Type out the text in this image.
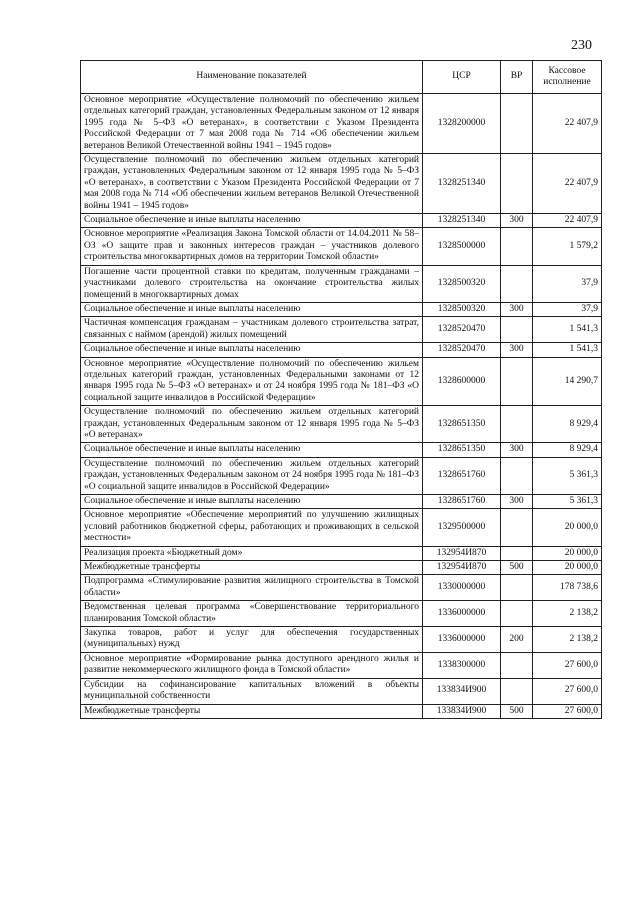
230
Наименование показателей	ЦСР	ВР	Кассовое исполнение
Основное мероприятие «Осуществление полномочий по обеспечению жильем отдельных категорий граждан, установленных Федеральным законом от 12 января 1995 года № 5–ФЗ «О ветеранах», в соответствии с Указом Президента Российской Федерации от 7 мая 2008 года № 714 «Об обеспечении жильем ветеранов Великой Отечественной войны 1941 – 1945 годов»	1328200000		22 407,9
Осуществление полномочий по обеспечению жильем отдельных категорий граждан, установленных Федеральным законом от 12 января 1995 года № 5–ФЗ «О ветеранах», в соответствии с Указом Президента Российской Федерации от 7 мая 2008 года № 714 «Об обеспечении жильем ветеранов Великой Отечественной войны 1941 – 1945 годов»	1328251340		22 407,9
Социальное обеспечение и иные выплаты населению	1328251340	300	22 407,9
Основное мероприятие «Реализация Закона Томской области от 14.04.2011 № 58–ОЗ «О защите прав и законных интересов граждан – участников долевого строительства многоквартирных домов на территории Томской области»	1328500000		1 579,2
Погашение части процентной ставки по кредитам, полученным гражданами – участниками долевого строительства на окончание строительства жилых помещений в многоквартирных домах	1328500320		37,9
Социальное обеспечение и иные выплаты населению	1328500320	300	37,9
Частичная компенсация гражданам – участникам долевого строительства затрат, связанных с наймом (арендой) жилых помещений	1328520470		1 541,3
Социальное обеспечение и иные выплаты населению	1328520470	300	1 541,3
Основное мероприятие «Осуществление полномочий по обеспечению жильем отдельных категорий граждан, установленных Федеральными законами от 12 января 1995 года № 5–ФЗ «О ветеранах» и от 24 ноября 1995 года № 181–ФЗ «О социальной защите инвалидов в Российской Федерации»	1328600000		14 290,7
Осуществление полномочий по обеспечению жильем отдельных категорий граждан, установленных Федеральным законом от 12 января 1995 года № 5–ФЗ «О ветеранах»	1328651350		8 929,4
Социальное обеспечение и иные выплаты населению	1328651350	300	8 929,4
Осуществление полномочий по обеспечению жильем отдельных категорий граждан, установленных Федеральным законом от 24 ноября 1995 года № 181–ФЗ «О социальной защите инвалидов в Российской Федерации»	1328651760		5 361,3
Социальное обеспечение и иные выплаты населению	1328651760	300	5 361,3
Основное мероприятие «Обеспечение мероприятий по улучшению жилищных условий работников бюджетной сферы, работающих и проживающих в сельской местности»	1329500000		20 000,0
Реализация проекта «Бюджетный дом»	132954И870		20 000,0
Межбюджетные трансферты	132954И870	500	20 000,0
Подпрограмма «Стимулирование развития жилищного строительства в Томской области»	1330000000		178 738,6
Ведомственная целевая программа «Совершенствование территориального планирования Томской области»	1336000000		2 138,2
Закупка товаров, работ и услуг для обеспечения государственных (муниципальных) нужд	1336000000	200	2 138,2
Основное мероприятие «Формирование рынка доступного арендного жилья и развитие некоммерческого жилищного фонда в Томской области»	1338300000		27 600,0
Субсидии на софинансирование капитальных вложений в объекты муниципальной собственности	133834И900		27 600,0
Межбюджетные трансферты	133834И900	500	27 600,0
